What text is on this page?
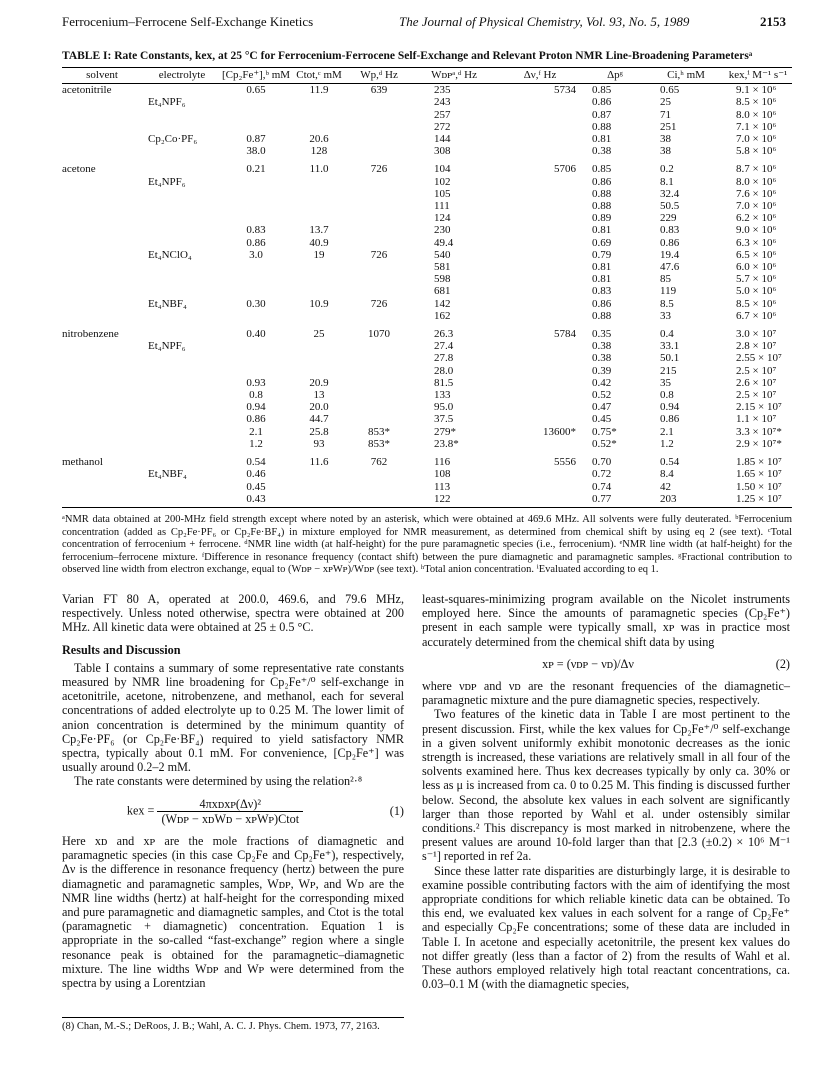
Ferrocenium–Ferrocene Self-Exchange Kinetics	The Journal of Physical Chemistry, Vol. 93, No. 5, 1989	2153
TABLE I: Rate Constants, kex, at 25 °C for Ferrocenium-Ferrocene Self-Exchange and Relevant Proton NMR Line-Broadening Parametersᵃ
solvent	electrolyte	[Cp₂Fe⁺],ᵇ mM	Ctot,ᶜ mM	Wp,ᵈ Hz	Wᴅᴘᵃ,ᵈ Hz	Δν,ᶠ Hz	Δpᵍ	Ci,ʰ mM	kex,ⁱ M⁻¹ s⁻¹
acetonitrile		0.65	11.9	639	235	5734	0.85	0.65	9.1 × 10⁶
	Et₄NPF₆				243		0.86	25	8.5 × 10⁶
					257		0.87	71	8.0 × 10⁶
					272		0.88	251	7.1 × 10⁶
	Cp₂Co·PF₆	0.87	20.6		144		0.81	38	7.0 × 10⁶
		38.0	128		308		0.38	38	5.8 × 10⁶
acetone		0.21	11.0	726	104	5706	0.85	0.2	8.7 × 10⁶
	Et₄NPF₆				102		0.86	8.1	8.0 × 10⁶
					105		0.88	32.4	7.6 × 10⁶
					111		0.88	50.5	7.0 × 10⁶
					124		0.89	229	6.2 × 10⁶
		0.83	13.7		230		0.81	0.83	9.0 × 10⁶
		0.86	40.9		49.4		0.69	0.86	6.3 × 10⁶
	Et₄NClO₄	3.0	19	726	540		0.79	19.4	6.5 × 10⁶
					581		0.81	47.6	6.0 × 10⁶
					598		0.81	85	5.7 × 10⁶
					681		0.83	119	5.0 × 10⁶
	Et₄NBF₄	0.30	10.9	726	142		0.86	8.5	8.5 × 10⁶
					162		0.88	33	6.7 × 10⁶
nitrobenzene		0.40	25	1070	26.3	5784	0.35	0.4	3.0 × 10⁷
	Et₄NPF₆				27.4		0.38	33.1	2.8 × 10⁷
					27.8		0.38	50.1	2.55 × 10⁷
					28.0		0.39	215	2.5 × 10⁷
		0.93	20.9		81.5		0.42	35	2.6 × 10⁷
		0.8	13		133		0.52	0.8	2.5 × 10⁷
		0.94	20.0		95.0		0.47	0.94	2.15 × 10⁷
		0.86	44.7		37.5		0.45	0.86	1.1 × 10⁷
		2.1	25.8	853*	279*	13600*	0.75*	2.1	3.3 × 10⁷*
		1.2	93	853*	23.8*		0.52*	1.2	2.9 × 10⁷*
methanol		0.54	11.6	762	116	5556	0.70	0.54	1.85 × 10⁷
	Et₄NBF₄	0.46			108		0.72	8.4	1.65 × 10⁷
		0.45			113		0.74	42	1.50 × 10⁷
		0.43			122		0.77	203	1.25 × 10⁷
ᵃNMR data obtained at 200-MHz field strength except where noted by an asterisk, which were obtained at 469.6 MHz. All solvents were fully deuterated. ᵇFerrocenium concentration (added as Cp₂Fe·PF₆ or Cp₂Fe·BF₄) in mixture employed for NMR measurement, as determined from chemical shift by using eq 2 (see text). ᶜTotal concentration of ferrocenium + ferrocene. ᵈNMR line width (at half-height) for the pure paramagnetic species (i.e., ferrocenium). ᵉNMR line width (at half-height) for the ferrocenium–ferrocene mixture. ᶠDifference in resonance frequency (contact shift) between the pure diamagnetic and paramagnetic samples. ᵍFractional contribution to observed line width from electron exchange, equal to (Wᴅᴘ − xᴘWᴘ)/Wᴅᴘ (see text). ʰTotal anion concentration. ⁱEvaluated according to eq 1.

Varian FT 80 A, operated at 200.0, 469.6, and 79.6 MHz, respectively. Unless noted otherwise, spectra were obtained at 200 MHz. All kinetic data were obtained at 25 ± 0.5 °C.

Results and Discussion

Table I contains a summary of some representative rate constants measured by NMR line broadening for Cp₂Fe⁺/⁰ self-exchange in acetonitrile, acetone, nitrobenzene, and methanol, each for several concentrations of added electrolyte up to 0.25 M. The lower limit of anion concentration is determined by the minimum quantity of Cp₂Fe·PF₆ (or Cp₂Fe·BF₄) required to yield satisfactory NMR spectra, typically about 0.1 mM. For convenience, [Cp₂Fe⁺] was usually around 0.2–2 mM.

The rate constants were determined by using the relation²·⁸

kex = $\frac{\text{4πxᴅxᴘ(Δν)²}}{\text{(Wᴅᴘ − xᴅWᴅ − xᴘWᴘ)Ctot}}$	(1)

Here xᴅ and xᴘ are the mole fractions of diamagnetic and paramagnetic species (in this case Cp₂Fe and Cp₂Fe⁺), respectively, Δν is the difference in resonance frequency (hertz) between the pure diamagnetic and paramagnetic samples, Wᴅᴘ, Wᴘ, and Wᴅ are the NMR line widths (hertz) at half-height for the corresponding mixed and pure paramagnetic and diamagnetic samples, and Ctot is the total (paramagnetic + diamagnetic) concentration. Equation 1 is appropriate in the so-called “fast-exchange” region where a single resonance peak is obtained for the paramagnetic–diamagnetic mixture. The line widths Wᴅᴘ and Wᴘ were determined from the spectra by using a Lorentzian

(8) Chan, M.-S.; DeRoos, J. B.; Wahl, A. C. J. Phys. Chem. 1973, 77, 2163.

least-squares-minimizing program available on the Nicolet instruments employed here. Since the amounts of paramagnetic species (Cp₂Fe⁺) present in each sample were typically small, xᴘ was in practice most accurately determined from the chemical shift data by using

xᴘ = (νᴅᴘ − νᴅ)/Δν	(2)

where νᴅᴘ and νᴅ are the resonant frequencies of the diamagnetic–paramagnetic mixture and the pure diamagnetic species, respectively.

Two features of the kinetic data in Table I are most pertinent to the present discussion. First, while the kex values for Cp₂Fe⁺/⁰ self-exchange in a given solvent uniformly exhibit monotonic decreases as the ionic strength is increased, these variations are relatively small in all four of the solvents examined here. Thus kex decreases typically by only ca. 30% or less as μ is increased from ca. 0 to 0.25 M. This finding is discussed further below. Second, the absolute kex values in each solvent are significantly larger than those reported by Wahl et al. under ostensibly similar conditions.² This discrepancy is most marked in nitrobenzene, where the present values are around 10-fold larger than that [2.3 (±0.2) × 10⁶ M⁻¹ s⁻¹] reported in ref 2a.

Since these latter rate disparities are disturbingly large, it is desirable to examine possible contributing factors with the aim of identifying the most appropriate conditions for which reliable kinetic data can be obtained. To this end, we evaluated kex values in each solvent for a range of Cp₂Fe⁺ and especially Cp₂Fe concentrations; some of these data are included in Table I. In acetone and especially acetonitrile, the present kex values do not differ greatly (less than a factor of 2) from the results of Wahl et al. These authors employed relatively high total reactant concentrations, ca. 0.03–0.1 M (with the diamagnetic species,
